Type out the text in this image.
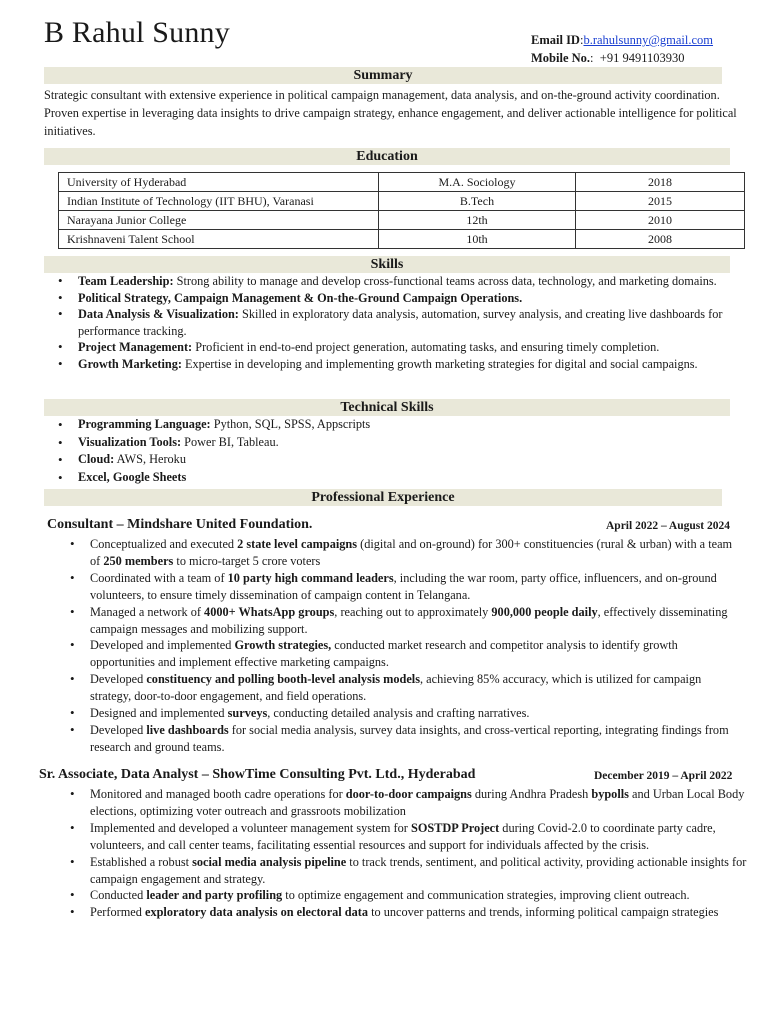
B Rahul Sunny	Email ID:b.rahulsunny@gmail.com
Mobile No.:  +91 9491103930
Summary
Strategic consultant with extensive experience in political campaign management, data analysis, and on-the-ground activity coordination. Proven expertise in leveraging data insights to drive campaign strategy, enhance engagement, and deliver actionable intelligence for political initiatives.
Education
University of Hyderabad	M.A. Sociology	2018
Indian Institute of Technology (IIT BHU), Varanasi	B.Tech	2015
Narayana Junior College	12th	2010
Krishnaveni Talent School	10th	2008
Skills
• Team Leadership: Strong ability to manage and develop cross-functional teams across data, technology, and marketing domains.
• Political Strategy, Campaign Management & On-the-Ground Campaign Operations.
• Data Analysis & Visualization: Skilled in exploratory data analysis, automation, survey analysis, and creating live dashboards for performance tracking.
• Project Management: Proficient in end-to-end project generation, automating tasks, and ensuring timely completion.
• Growth Marketing: Expertise in developing and implementing growth marketing strategies for digital and social campaigns.
Technical Skills
• Programming Language: Python, SQL, SPSS, Appscripts
• Visualization Tools: Power BI, Tableau.
• Cloud: AWS, Heroku
• Excel, Google Sheets
Professional Experience
Consultant – Mindshare United Foundation.	April 2022 – August 2024
• Conceptualized and executed 2 state level campaigns (digital and on-ground) for 300+ constituencies (rural & urban) with a team of 250 members to micro-target 5 crore voters
• Coordinated with a team of 10 party high command leaders, including the war room, party office, influencers, and on-ground volunteers, to ensure timely dissemination of campaign content in Telangana.
• Managed a network of 4000+ WhatsApp groups, reaching out to approximately 900,000 people daily, effectively disseminating campaign messages and mobilizing support.
• Developed and implemented Growth strategies, conducted market research and competitor analysis to identify growth opportunities and implement effective marketing campaigns.
• Developed constituency and polling booth-level analysis models, achieving 85% accuracy, which is utilized for campaign strategy, door-to-door engagement, and field operations.
• Designed and implemented surveys, conducting detailed analysis and crafting narratives.
• Developed live dashboards for social media analysis, survey data insights, and cross-vertical reporting, integrating findings from research and ground teams.
Sr. Associate, Data Analyst – ShowTime Consulting Pvt. Ltd., Hyderabad	December 2019 – April 2022
• Monitored and managed booth cadre operations for door-to-door campaigns during Andhra Pradesh bypolls and Urban Local Body elections, optimizing voter outreach and grassroots mobilization
• Implemented and developed a volunteer management system for SOSTDP Project during Covid-2.0 to coordinate party cadre, volunteers, and call center teams, facilitating essential resources and support for individuals affected by the crisis.
• Established a robust social media analysis pipeline to track trends, sentiment, and political activity, providing actionable insights for campaign engagement and strategy.
• Conducted leader and party profiling to optimize engagement and communication strategies, improving client outreach.
• Performed exploratory data analysis on electoral data to uncover patterns and trends, informing political campaign strategies
